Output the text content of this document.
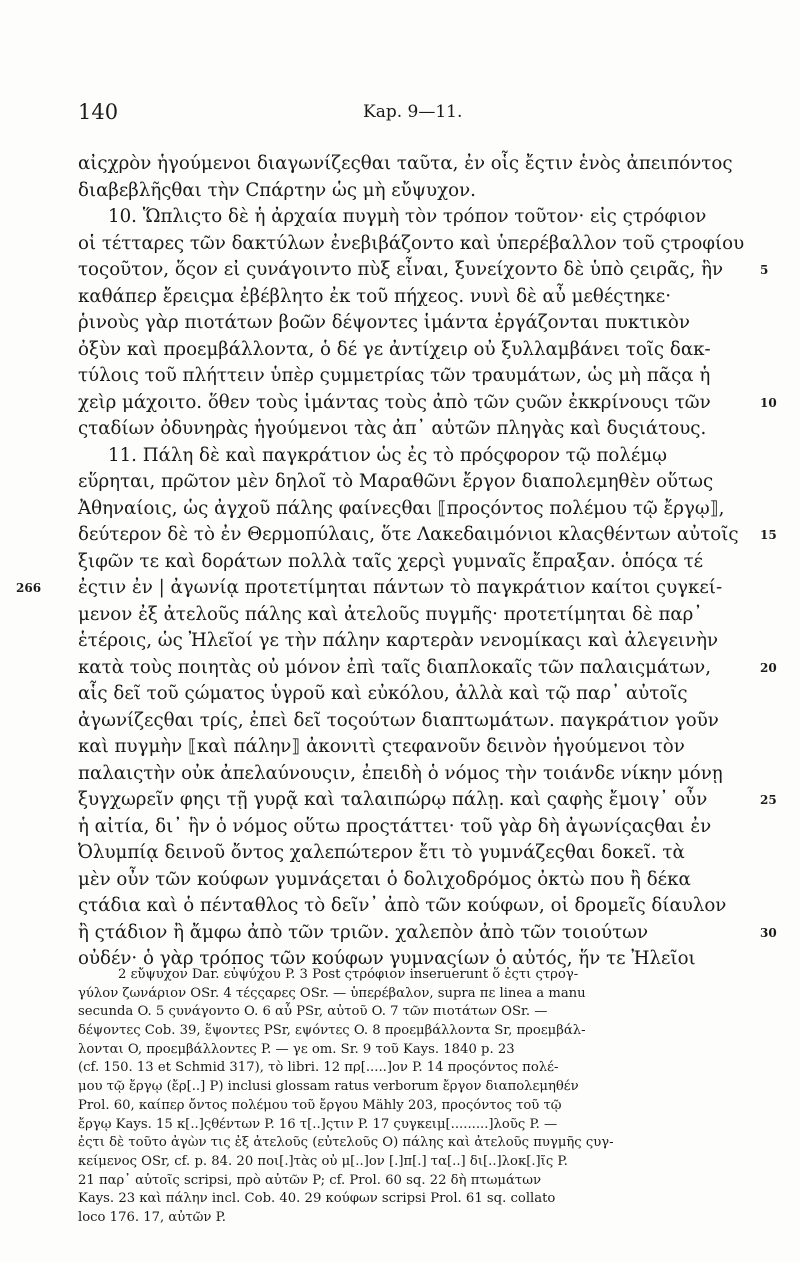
140	Kap. 9—11.
αἰςχρὸν ἡγούμενοι διαγωνίζεςθαι ταῦτα, ἐν οἷς ἔςτιν ἑνὸς ἀπειπόντος
διαβεβλῆςθαι τὴν Cπάρτην ὡς μὴ εὔψυχον.
10. Ὥπλιςτο δὲ ἡ ἀρχαία πυγμὴ τὸν τρόπον τοῦτον· εἰς ςτρόφιον
οἱ τέτταρες τῶν δακτύλων ἐνεβιβάζοντο καὶ ὑπερέβαλλον τοῦ ςτροφίου
τοςοῦτον, ὅςον εἰ ςυνάγοιντο πὺξ εἶναι, ξυνείχοντο δὲ ὑπὸ ςειρᾶς, ἣν	5
καθάπερ ἔρειςμα ἐβέβλητο ἐκ τοῦ πήχεος. νυνὶ δὲ αὖ μεθέςτηκε·
ῥινοὺς γὰρ πιοτάτων βοῶν δέψοντες ἱμάντα ἐργάζονται πυκτικὸν
ὀξὺν καὶ προεμβάλλοντα, ὁ δέ γε ἀντίχειρ οὐ ξυλλαμβάνει τοῖς δακ-
τύλοις τοῦ πλήττειν ὑπὲρ ςυμμετρίας τῶν τραυμάτων, ὡς μὴ πᾶςα ἡ
χεὶρ μάχοιτο. ὅθεν τοὺς ἱμάντας τοὺς ἀπὸ τῶν ςυῶν ἐκκρίνουςι τῶν	10
ςταδίων ὀδυνηρὰς ἡγούμενοι τὰς ἀπ᾽ αὐτῶν πληγὰς καὶ δυςιάτους.
11. Πάλη δὲ καὶ παγκράτιον ὡς ἐς τὸ πρόςφορον τῷ πολέμῳ
εὕρηται, πρῶτον μὲν δηλοῖ τὸ Μαραθῶνι ἔργον διαπολεμηθὲν οὕτως
Ἀθηναίοις, ὡς ἀγχοῦ πάλης φαίνεςθαι ⟦προςόντος πολέμου τῷ ἔργῳ⟧,
δεύτερον δὲ τὸ ἐν Θερμοπύλαις, ὅτε Λακεδαιμόνιοι κλαςθέντων αὐτοῖς	15
ξιφῶν τε καὶ δοράτων πολλὰ ταῖς χερςὶ γυμναῖς ἔπραξαν. ὁπόςα τέ
ἐςτιν ἐν | ἀγωνίᾳ προτετίμηται πάντων τὸ παγκράτιον καίτοι ςυγκεί-
266
μενον ἐξ ἀτελοῦς πάλης καὶ ἀτελοῦς πυγμῆς· προτετίμηται δὲ παρ᾽
ἑτέροις, ὡς Ἠλεῖοί γε τὴν πάλην καρτερὰν νενομίκαςι καὶ ἀλεγεινὴν
κατὰ τοὺς ποιητὰς οὐ μόνον ἐπὶ ταῖς διαπλοκαῖς τῶν παλαιςμάτων,	20
αἷς δεῖ τοῦ ςώματος ὑγροῦ καὶ εὐκόλου, ἀλλὰ καὶ τῷ παρ᾽ αὐτοῖς
ἀγωνίζεςθαι τρίς, ἐπεὶ δεῖ τοςούτων διαπτωμάτων. παγκράτιον γοῦν
καὶ πυγμὴν ⟦καὶ πάλην⟧ ἀκονιτὶ ςτεφανοῦν δεινὸν ἡγούμενοι τὸν
παλαιςτὴν οὐκ ἀπελαύνουςιν, ἐπειδὴ ὁ νόμος τὴν τοιάνδε νίκην μόνῃ
ξυγχωρεῖν φηςι τῇ γυρᾷ καὶ ταλαιπώρῳ πάλῃ. καὶ ςαφὴς ἔμοιγ᾽ οὖν	25
ἡ αἰτία, δι᾽ ἣν ὁ νόμος οὕτω προςτάττει· τοῦ γὰρ δὴ ἀγωνίςαςθαι ἐν
Ὀλυμπίᾳ δεινοῦ ὄντος χαλεπώτερον ἔτι τὸ γυμνάζεςθαι δοκεῖ. τὰ
μὲν οὖν τῶν κούφων γυμνάςεται ὁ δολιχοδρόμος ὀκτὼ που ἢ δέκα
ςτάδια καὶ ὁ πένταθλος τὸ δεῖν᾽ ἀπὸ τῶν κούφων, οἱ δρομεῖς δίαυλον
ἢ ςτάδιον ἢ ἄμφω ἀπὸ τῶν τριῶν. χαλεπὸν ἀπὸ τῶν τοιούτων	30
οὐδέν· ὁ γὰρ τρόπος τῶν κούφων γυμναςίων ὁ αὐτός, ἥν τε Ἠλεῖοι
2 εὔψυχον Dar. εὐψύχου P. 3 Post ςτρόφιον inseruerunt ὅ ἐςτι ςτρογ-
γύλον ζωνάριον OSr. 4 τέςςαρες OSr. — ὑπερέβαλον, supra πε linea a manu
secunda O. 5 ςυνάγοντο O. 6 αὖ PSr, αὐτοῦ O. 7 τῶν πιοτάτων OSr. —
δέψοντες Cob. 39, ἕψοντες PSr, εψόντες O. 8 προεμβάλλοντα Sr, προεμβάλ-
λονται O, προεμβάλλοντες P. — γε om. Sr. 9 τοῦ Kays. 1840 p. 23
(cf. 150. 13 et Schmid 317), τὸ libri. 12 πρ[.....]ον P. 14 προςόντος πολέ-
μου τῷ ἔργῳ (ἔρ[..] P) inclusi glossam ratus verborum ἔργον διαπολεμηθέν
Prol. 60, καίπερ ὄντος πολέμου τοῦ ἔργου Mähly 203, προςόντος τοῦ τῷ
ἔργῳ Kays. 15 κ[..]ςθέντων P. 16 τ[..]ςτιν P. 17 ςυγκειμ[.........]λοῦς P. —
ἐςτι δὲ τοῦτο ἀγὼν τις ἐξ ἀτελοῦς (εὐτελοῦς O) πάλης καὶ ἀτελοῦς πυγμῆς ςυγ-
κείμενος OSr, cf. p. 84. 20 ποι[.]τὰς οὐ μ[..]ον [.]π[.] τα[..] δι[..]λοκ[.]ῖς P.
21 παρ᾽ αὐτοῖς scripsi, πρὸ αὐτῶν P; cf. Prol. 60 sq. 22 δὴ πτωμάτων
Kays. 23 καὶ πάλην incl. Cob. 40. 29 κούφων scripsi Prol. 61 sq. collato
loco 176. 17, αὐτῶν P.
